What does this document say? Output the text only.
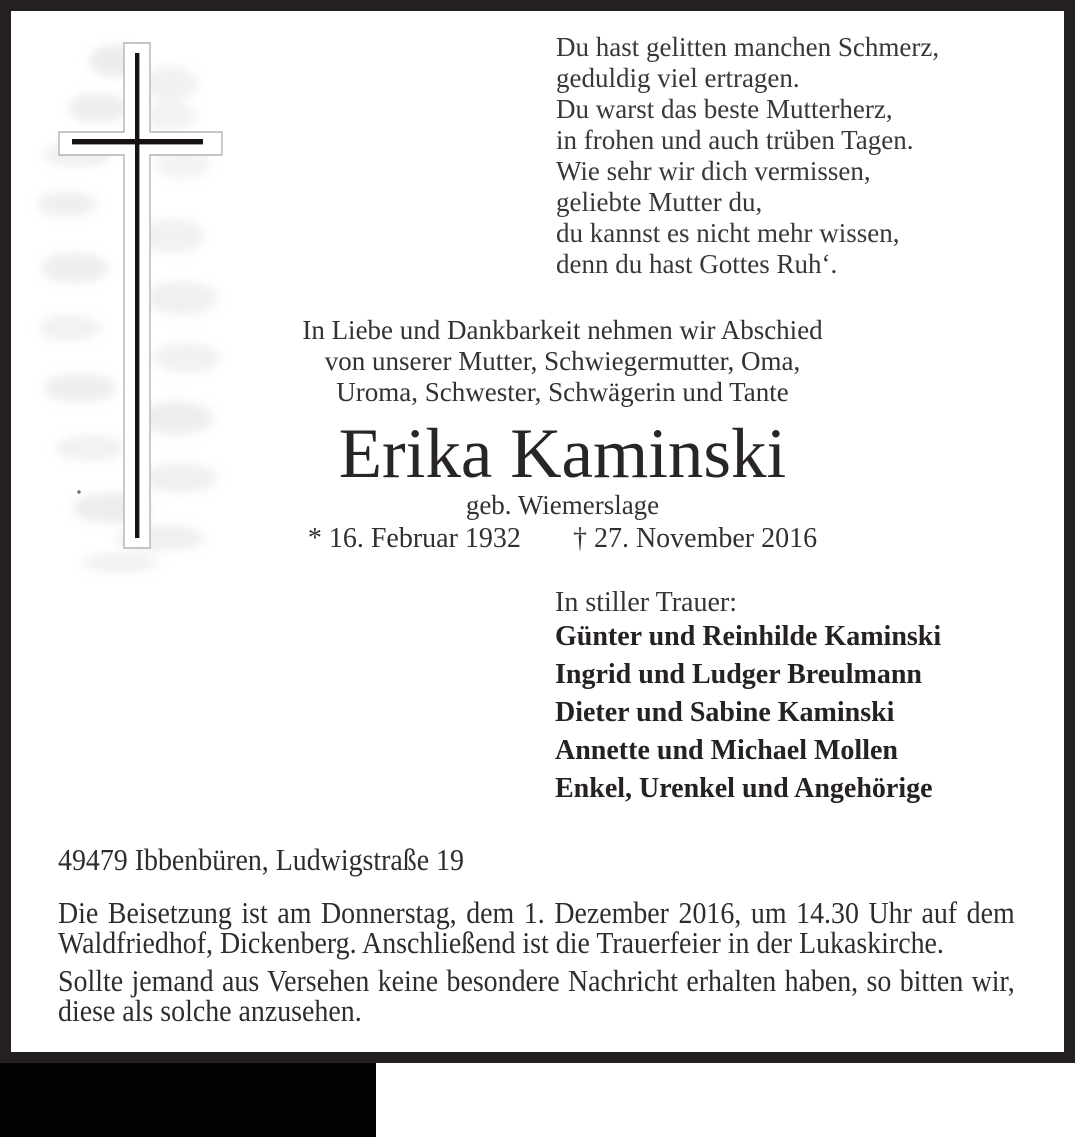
Du hast gelitten manchen Schmerz,
geduldig viel ertragen.
Du warst das beste Mutterherz,
in frohen und auch trüben Tagen.
Wie sehr wir dich vermissen,
geliebte Mutter du,
du kannst es nicht mehr wissen,
denn du hast Gottes Ruh‘.
In Liebe und Dankbarkeit nehmen wir Abschied
von unserer Mutter, Schwiegermutter, Oma,
Uroma, Schwester, Schwägerin und Tante
Erika Kaminski
geb. Wiemerslage
* 16. Februar 1932 † 27. November 2016
In stiller Trauer:
Günter und Reinhilde Kaminski
Ingrid und Ludger Breulmann
Dieter und Sabine Kaminski
Annette und Michael Mollen
Enkel, Urenkel und Angehörige
49479 Ibbenbüren, Ludwigstraße 19
Die Beisetzung ist am Donnerstag, dem 1. Dezember 2016, um 14.30 Uhr auf dem
Waldfriedhof, Dickenberg. Anschließend ist die Trauerfeier in der Lukaskirche.
Sollte jemand aus Versehen keine besondere Nachricht erhalten haben, so bitten wir,
diese als solche anzusehen.
